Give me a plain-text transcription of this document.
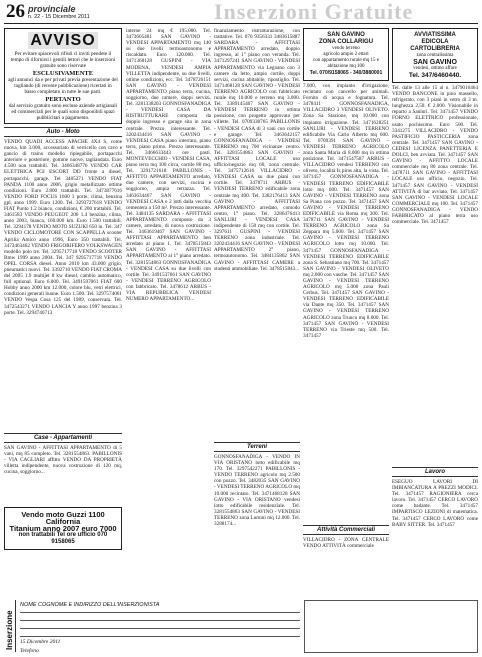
26 provinciale
n. 22 - 15 Dicembre 2011	Inserzioni Gratuite
AVVISO
Per evitare spiacevoli rifiuti ci inviti pendete il tempo di rifornirsi i gentili lettori che le inserzioni gratuite sono riservate
ESCLUSIVAMENTE
agli annunci da e per privati previa presentazione del tagliando (di recente pubblicazione) ricertati in basso completato in tutte le sue parti.
PERTANTO
dal servizio gratuito sono escluse aziende artigianali ed commerciali per le quali sono disponibili spazi pubblicitari a pagamento.
Auto - Moto
VENDO QUADI ACCESS APACHE 4X4 S, come nuova, km 3.000, accessoriato di verricello con cavo e gancio di traino modello ripiegabile, portapacchi anteriore e posteriore, gomme nuove, tagliandata. Euro 4.500 non trattabili. Tel. 3466348776 VENDO CAR ELETTRICA PGI ESCORT DD fronte a diesel, portapacchi, garage. Tel 3485271 VENDO FIAT PANDA 1100 anno 2006, grigio metallizzato ottime condizioni. Euro 2.800 trattabili. Tel. 3473877616 VENDO FORD FOCUS 1600 3 porte, clima, benzina gpl, anno 1999. Euro 1200. Tel. 3293727618 VENDO FIAT Punto 1.2 bianco, condizioni, € 200 trattabili. Tel. 3461583 VENDO PEUGEOT 206 1.4 benzina, clima, anno 2003, bianca, 160.000 km. Euro 1.500 trattabili. Tel. 3294178 VENDO MOTO SUZUKI 650 in. Tel. 347 VENDO CICLOMOTORE CON SCAPPELLA scooter Aprilia Amico anno 1996, Euro 350 trattabili. Tel. 3473463462 VENDO FRIGORIFERO VOLKSWAGEN modello polo tre. Tel. 3295717718 VENDO SCOOTER Bmw 1999 anno 2004. Tel. 347 9295717718 VENDO OPEL CORSA diesel. Anno 2010 km 43.000 grigio, pneumatici nuovi. Tel. 3392710 VENDO FIAT CROMA del 2005 1.9 multijet 8 kw diesel, cambio automatico, full optional. Euro 6.000. Tel. 3491597061 FIAT 600 Hobby anno 2000 km 12.000, colore blu, vetri elettrici, condizioni generali buone. Euro 1.500. Tel. 3297574061 VENDO Vespa Cosa 125 del 1989, conservata. Tel. 3472543271 VENDO LANCIA Y anno 1997 benzina 3 porte. Tel. 3294746713
Case - Appartamenti
SAN GAVINO - AFFITTASI APPARTAMENTO di 5 vani, mq 85 completo. Tel. 3281554863. PABILLONIS - VIA CAGLIARI affitto VENDO DA PROPRIETÀ villetta indipendente, nuova costruzione di 120 mq, cucina, soggiorno...
Vendo moto Guzzi 1100 California
Titanium anno 2007 euro 7000
non trattabili Tel ore ufficio 070 9158065
interne 24 mq € 195.000. Tel. 3473605481 SAN GAVINO - VENDESI APPARTAMENTO mq 140 su due livelli termoautonomo e riscaldato. Euro 120.000. Tel. 3471368128 GUSPINI - VIA MODENA, VENDESI AMPIA VILLETTA indipendente, su due livelli, ottime condizioni, ecc. Tel. 3478726151 SAN GAVINO - VENDESI APPARTAMENTO piano terra, cucina, soggiorno, due camere, doppi servizi. Tel. 3281338203 GONNOSFANADIGA - VENDESI CASA DA RISTRUTTURARE composta da doppio ingresso e garage sita in zona centrale. Prezzo interessante. Tel. 3202434416 SAN GAVINO - VENDESI CASA piano interrato, piano terra, piano primo. Prezzo interessante. Tel. 3466633443 ore pasti. MONTEVECCHIO - VENDESI CASA, piano terra mq 100 circa, cortile 80 mq. Tel. 3291721618 PABILLONIS - AFFITTO APPARTAMENTO arredato, due camere, con servizi, cucina e soggiorno, ampia terrazza. Tel. 3463634467 SAN GAVINO - VENDESI CASA e 2 lotti dalla vecchia cementera a 150 m². Prezzo interessante. Tel. 3484135 SARDARA - AFFITTASI APPARTAMENTO composto da 3 camere, arredato, di nuova costruzione. Tel. 3463619467 SAN GAVINO - AFFITTASI APPARTAMENTO ben arredato al piano 1. Tel. 3478515843 SAN GAVINO - AFFITTASI APPARTAMENTO al 1° piano arredato. Tel. 3281554863 GONNOSFANADIGA - VENDESI CASA su due livelli con cortile. Tel. 3491537661 SAN GAVINO - VENDESI TERRENO AGRICOLO con fabbricato. Tel. 3478612 ARBUS - VIA REPUBBLICA VENDESI NUMERO APPARTAMENTO...
finanziamento ristrutturazione, con trattative. Tel. 070 9356331 3483615887 SARDARA - AFFITTASI APPARTAMENTO arredato, doppio ingresso, al 1° piano con veranda. Tel. 3471297241 SAN GAVINO - VENDESI APPARTAMENTO via Legnano con 3 camere da letto, ampio cortile, doppi servizi, cucina abitabile, ripostiglio. Tel. 3471468128 SAN GAVINO - VENDESI TERRENO AGRICOLO con fabbricato rurale mq 10.000 e terreno mq 3.000. Tel. 3389145467 SAN GAVINO - VENDESI TERRENO in ottima posizione, con progetto approvato per villette. Tel. 0709338765 PABILLONIS - VENDESI CASA di 3 vani con cortile e garage. Tel. 3463642157 GONNOSFANADIGA - VENDESI TERRENO mq 700 vicinanze centro. Tel. 3281554863 SAN GAVINO - AFFITTASI LOCALE uso ufficio/negozio mq 60, zona centrale. Tel. 3475712616 VILLACIDRO - VENDESI CASA su due piani con cortile. Tel. 3478711 ARBUS - VENDESI TERRENO edificabile zona centrale mq 400. Tel. 3382176413 SAN GAVINO - AFFITTASI APPARTAMENTO arredato, comodo centro, 1° piano. Tel. 3286476413 SANLURI - VENDESI CASA indipendente di 150 mq con cortile. Tel. 3297611 GUSPINI - VENDESI TERRENO zona industriale. Tel. 3202434416 SAN GAVINO - VENDESI APPARTAMENTO 2° piano, termoautonomo. Tel. 3484135862 SAN GAVINO - AFFITTASI CAMERE a studenti ammobiliate. Tel. 3478515843...
Terreni
GONNOSFANADIGA - VENDO IN VIA ORISTANO lotto edificabile mq 170. Tel. 3297542271 PABILLONIS - VENDO TERRENO agricolo mq 2.500 con pozzo. Tel. 3482035 SAN GAVINO - VENDESI TERRENO AGRICOLO mq 10.000 recintato. Tel. 3471468128 SAN GAVINO - VIA ORISTANO vendesi lotto edificabile residenziale. Tel. 3281554863 SAN GAVINO - VENDESI TERRENO zona Lumini mq 12.000. Tel. 3288174...
SAN GAVINO
ZONA COLLARIGU
vendo terreno
agricolo ampio 2 ettari
con appartamento rurale mq 15 e abitazione mq 100
Tel. 070/9158065 - 340/3880001
7.000, con impianto d'irrigazione, recintato con cancello per animali. Fornito di acqua e fognatura. Tel. 3478411 GONNOSFANADIGA, VILLACIDRO 3 VENDESI OLIVETO. Zona Sa Stazione, mq 10.000 con impianto irrigazione. Tel. 3471628251 SANLURI - VENDESI TERRENO edificabile Via Carlo Alberto mq 600. Tel. 0709391 SAN GAVINO - VENDESI TERRENO AGRICOLO zona Santa Maria di 8.000 mq in ottima posizione. Tel. 3471547587 ARBUS - VILLACIDRO vendesi TERRENO con oliveto, località Is piras alta, la vista. Tel. 3471457 GONNOSFANADIGA - VENDESI TERRENO EDIFICABILE lotto mq 600. Tel. 3471457 SAN GAVINO - VENDESI TERRENO zona Sa Piana con pozzo. Tel. 3471457 SAN GAVINO - VENDESI TERRENO EDIFICABILE via Roma mq 300. Tel. 3478711 SAN GAVINO - VENDESI TERRENO AGRICOLO zona Sa Zeppara mq 5.000. Tel. 3471457 SAN GAVINO - VENDESI TERRENO AGRICOLO lotto mq 10.000. Tel. 3471457 GONNOSFANADIGA - VENDESI TERRENO EDIFICABILE zona S. Sebastiano mq 700. Tel. 3471457 SAN GAVINO - VENDESI OLIVETO mq 2.000 con vasche. Tel. 3471457 SAN GAVINO - VENDESI TERRENO AGRICOLO mq 5.000 zona Pauli Cerbus. Tel. 3471457 SAN GAVINO - VENDESI TERRENO EDIFICABILE via Dante mq 350. Tel. 3471457 SAN GAVINO - VENDESI TERRENO AGRICOLO zona Truncu mq 8.000. Tel. 3471457 SAN GAVINO - VENDESI TERRENO via Trieste mq 500. Tel. 3471457
Attività Commerciali
VILLACIDRO - ZONA CENTRALE VENDO ATTIVITÀ commerciale
AVVIATISSIMA
EDICOLA
CARTOLIBRERIA
zona centralissima
SAN GAVINO
vendesi, ottimo affare
Tel. 347/6460440.
Tel. dalle 13 alle 15 al n. 3479016464 VENDO BANCONE in pino massello, refrigerato, con 3 piani in vetro di 3 m. lunghezza 2,50. € 2.000. Visionabile in reparto a Sanluri. Tel. 3471457 VENDO FORNO ELETTRICO professionale, usato pochissimo. Euro 500. Tel. 3341275 VILLACIDRO - VENDO PASTIFICIO PASTICCERIA zona centrale. Tel. 3471457 SAN GAVINO - CEDESI LICENZA PANETTERIA E DOLCI, ben avviata. Tel. 3471457 SAN GAVINO - AFFITTO LOCALE commerciale mq 80 zona centrale. Tel. 3478711 SAN GAVINO - AFFITTASI LOCALE uso ufficio, negozio. Tel. 3471457 SAN GAVINO - VENDESI ATTIVITÀ di bar avviato. Tel. 3471457 SAN GAVINO - VENDESI LOCALE COMMERCIALE mq 100. Tel. 3471457 GONNOSFANADIGA - VENDO FABBRICATO al piano terra uso commerciale. Tel. 3471457
Lavoro
ESEGUO LAVORI DI IMBIANCATURA A PREZZI MODICI. Tel. 3471457 RAGIONIERA cerca lavoro. Tel. 3471457 CERCO LAVORO come badante. Tel. 3471457 IMPARTISCO LEZIONI di matematica. Tel. 3471457 CERCO LAVORO come BABY SITTER. Tel. 3471457
Inserzione
NOME COGNOME E INDIRIZZO DELL'INSERZIONISTA
15 Dicembre 2011
Telefono
